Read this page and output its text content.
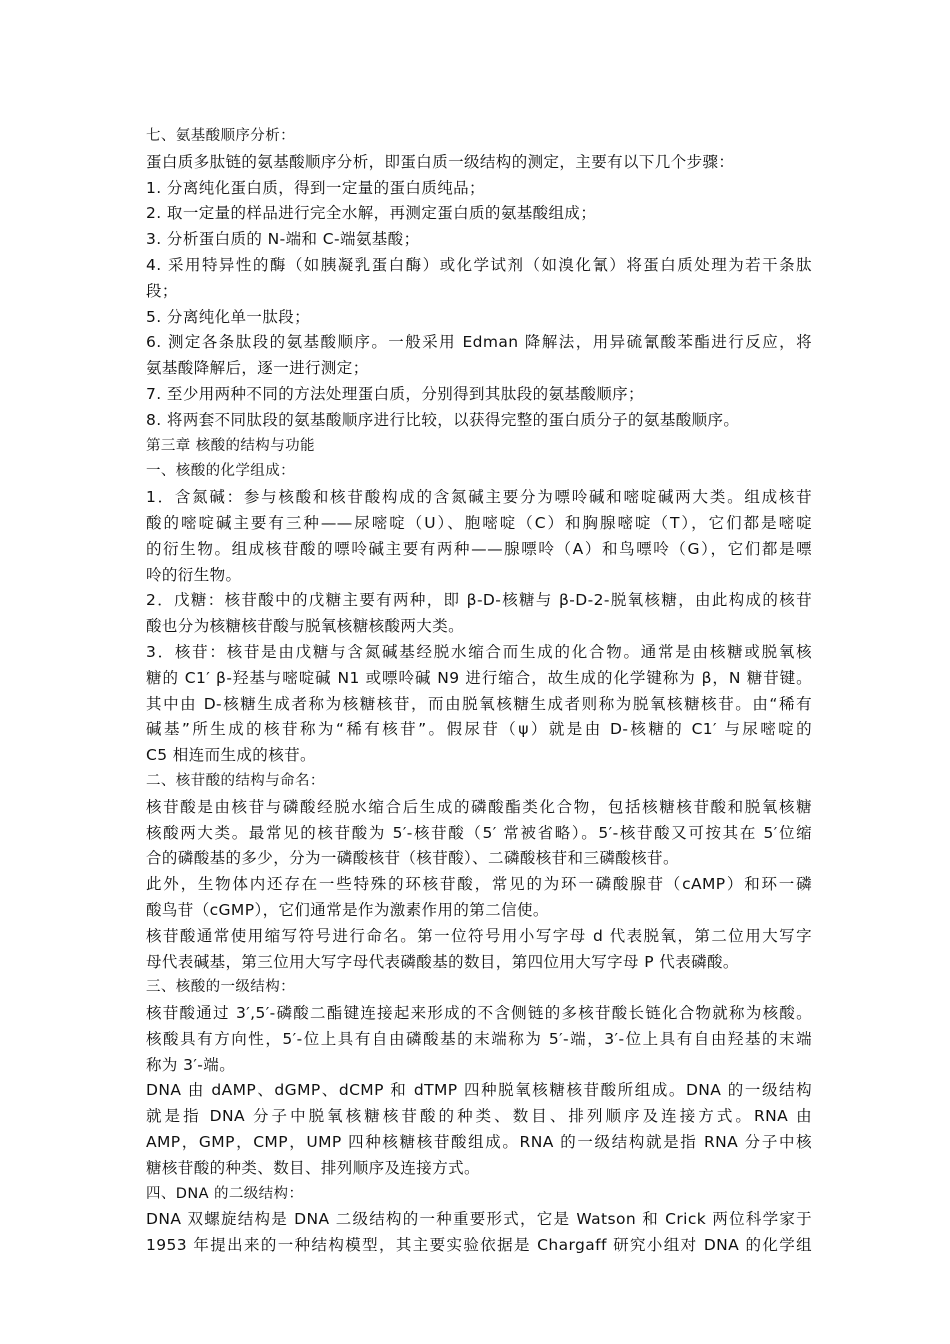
七、氨基酸顺序分析：
蛋白质多肽链的氨基酸顺序分析，即蛋白质一级结构的测定，主要有以下几个步骤：
1. 分离纯化蛋白质，得到一定量的蛋白质纯品；
2. 取一定量的样品进行完全水解，再测定蛋白质的氨基酸组成；
3. 分析蛋白质的 N-端和 C-端氨基酸；
4. 采用特异性的酶（如胰凝乳蛋白酶）或化学试剂（如溴化氰）将蛋白质处理为若干条肽
段；
5. 分离纯化单一肽段；
6. 测定各条肽段的氨基酸顺序。一般采用 Edman 降解法，用异硫氰酸苯酯进行反应，将
氨基酸降解后，逐一进行测定；
7. 至少用两种不同的方法处理蛋白质，分别得到其肽段的氨基酸顺序；
8. 将两套不同肽段的氨基酸顺序进行比较，以获得完整的蛋白质分子的氨基酸顺序。
第三章 核酸的结构与功能
一、核酸的化学组成：
1．含氮碱：参与核酸和核苷酸构成的含氮碱主要分为嘌呤碱和嘧啶碱两大类。组成核苷
酸的嘧啶碱主要有三种——尿嘧啶（U）、胞嘧啶（C）和胸腺嘧啶（T），它们都是嘧啶
的衍生物。组成核苷酸的嘌呤碱主要有两种——腺嘌呤（A）和鸟嘌呤（G），它们都是嘌
呤的衍生物。
2．戊糖：核苷酸中的戊糖主要有两种，即 β-D-核糖与 β-D-2-脱氧核糖，由此构成的核苷
酸也分为核糖核苷酸与脱氧核糖核酸两大类。
3．核苷：核苷是由戊糖与含氮碱基经脱水缩合而生成的化合物。通常是由核糖或脱氧核
糖的 C1′ β-羟基与嘧啶碱 N1 或嘌呤碱 N9 进行缩合，故生成的化学键称为 β，N 糖苷键。
其中由 D-核糖生成者称为核糖核苷，而由脱氧核糖生成者则称为脱氧核糖核苷。由“稀有
碱基”所生成的核苷称为“稀有核苷”。假尿苷（ψ）就是由 D-核糖的 C1′ 与尿嘧啶的
C5 相连而生成的核苷。
二、核苷酸的结构与命名：
核苷酸是由核苷与磷酸经脱水缩合后生成的磷酸酯类化合物，包括核糖核苷酸和脱氧核糖
核酸两大类。最常见的核苷酸为 5′-核苷酸（5′ 常被省略）。5′-核苷酸又可按其在 5′位缩
合的磷酸基的多少，分为一磷酸核苷（核苷酸）、二磷酸核苷和三磷酸核苷。
此外，生物体内还存在一些特殊的环核苷酸，常见的为环一磷酸腺苷（cAMP）和环一磷
酸鸟苷（cGMP），它们通常是作为激素作用的第二信使。
核苷酸通常使用缩写符号进行命名。第一位符号用小写字母 d 代表脱氧，第二位用大写字
母代表碱基，第三位用大写字母代表磷酸基的数目，第四位用大写字母 P 代表磷酸。
三、核酸的一级结构：
核苷酸通过 3′,5′-磷酸二酯键连接起来形成的不含侧链的多核苷酸长链化合物就称为核酸。
核酸具有方向性，5′-位上具有自由磷酸基的末端称为 5′-端，3′-位上具有自由羟基的末端
称为 3′-端。
DNA 由 dAMP、dGMP、dCMP 和 dTMP 四种脱氧核糖核苷酸所组成。DNA 的一级结构
就是指 DNA 分子中脱氧核糖核苷酸的种类、数目、排列顺序及连接方式。RNA 由
AMP，GMP，CMP，UMP 四种核糖核苷酸组成。RNA 的一级结构就是指 RNA 分子中核
糖核苷酸的种类、数目、排列顺序及连接方式。
四、DNA 的二级结构：
DNA 双螺旋结构是 DNA 二级结构的一种重要形式，它是 Watson 和 Crick 两位科学家于
1953 年提出来的一种结构模型，其主要实验依据是 Chargaff 研究小组对 DNA 的化学组
